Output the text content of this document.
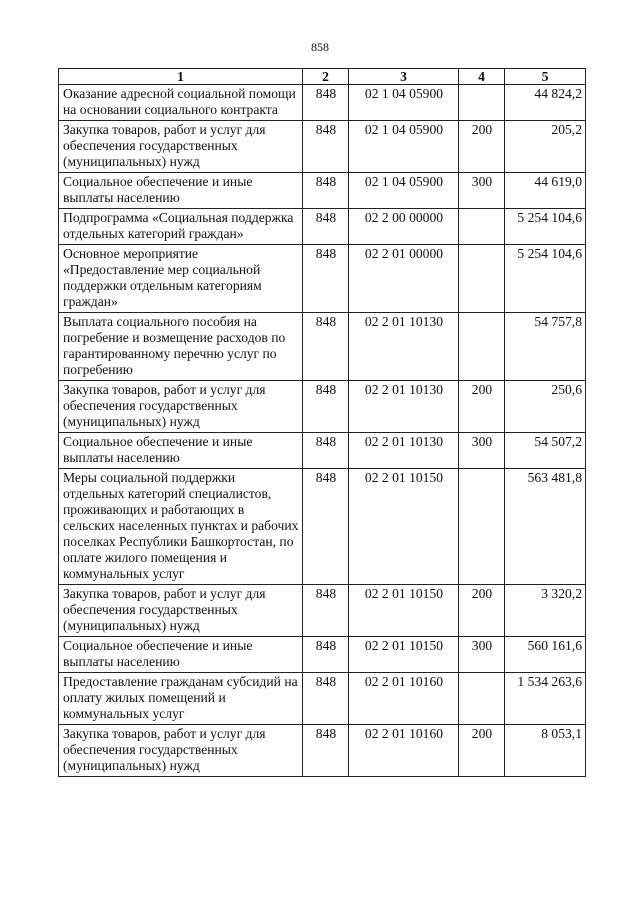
858
1	2	3	4	5
Оказание адресной социальной помощи на основании социального контракта	848	02 1 04 05900		44 824,2
Закупка товаров, работ и услуг для обеспечения государственных (муниципальных) нужд	848	02 1 04 05900	200	205,2
Социальное обеспечение и иные выплаты населению	848	02 1 04 05900	300	44 619,0
Подпрограмма «Социальная поддержка отдельных категорий граждан»	848	02 2 00 00000		5 254 104,6
Основное мероприятие «Предоставление мер социальной поддержки отдельным категориям граждан»	848	02 2 01 00000		5 254 104,6
Выплата социального пособия на погребение и возмещение расходов по гарантированному перечню услуг по погребению	848	02 2 01 10130		54 757,8
Закупка товаров, работ и услуг для обеспечения государственных (муниципальных) нужд	848	02 2 01 10130	200	250,6
Социальное обеспечение и иные выплаты населению	848	02 2 01 10130	300	54 507,2
Меры социальной поддержки отдельных категорий специалистов, проживающих и работающих в сельских населенных пунктах и рабочих поселках Республики Башкортостан, по оплате жилого помещения и коммунальных услуг	848	02 2 01 10150		563 481,8
Закупка товаров, работ и услуг для обеспечения государственных (муниципальных) нужд	848	02 2 01 10150	200	3 320,2
Социальное обеспечение и иные выплаты населению	848	02 2 01 10150	300	560 161,6
Предоставление гражданам субсидий на оплату жилых помещений и коммунальных услуг	848	02 2 01 10160		1 534 263,6
Закупка товаров, работ и услуг для обеспечения государственных (муниципальных) нужд	848	02 2 01 10160	200	8 053,1
